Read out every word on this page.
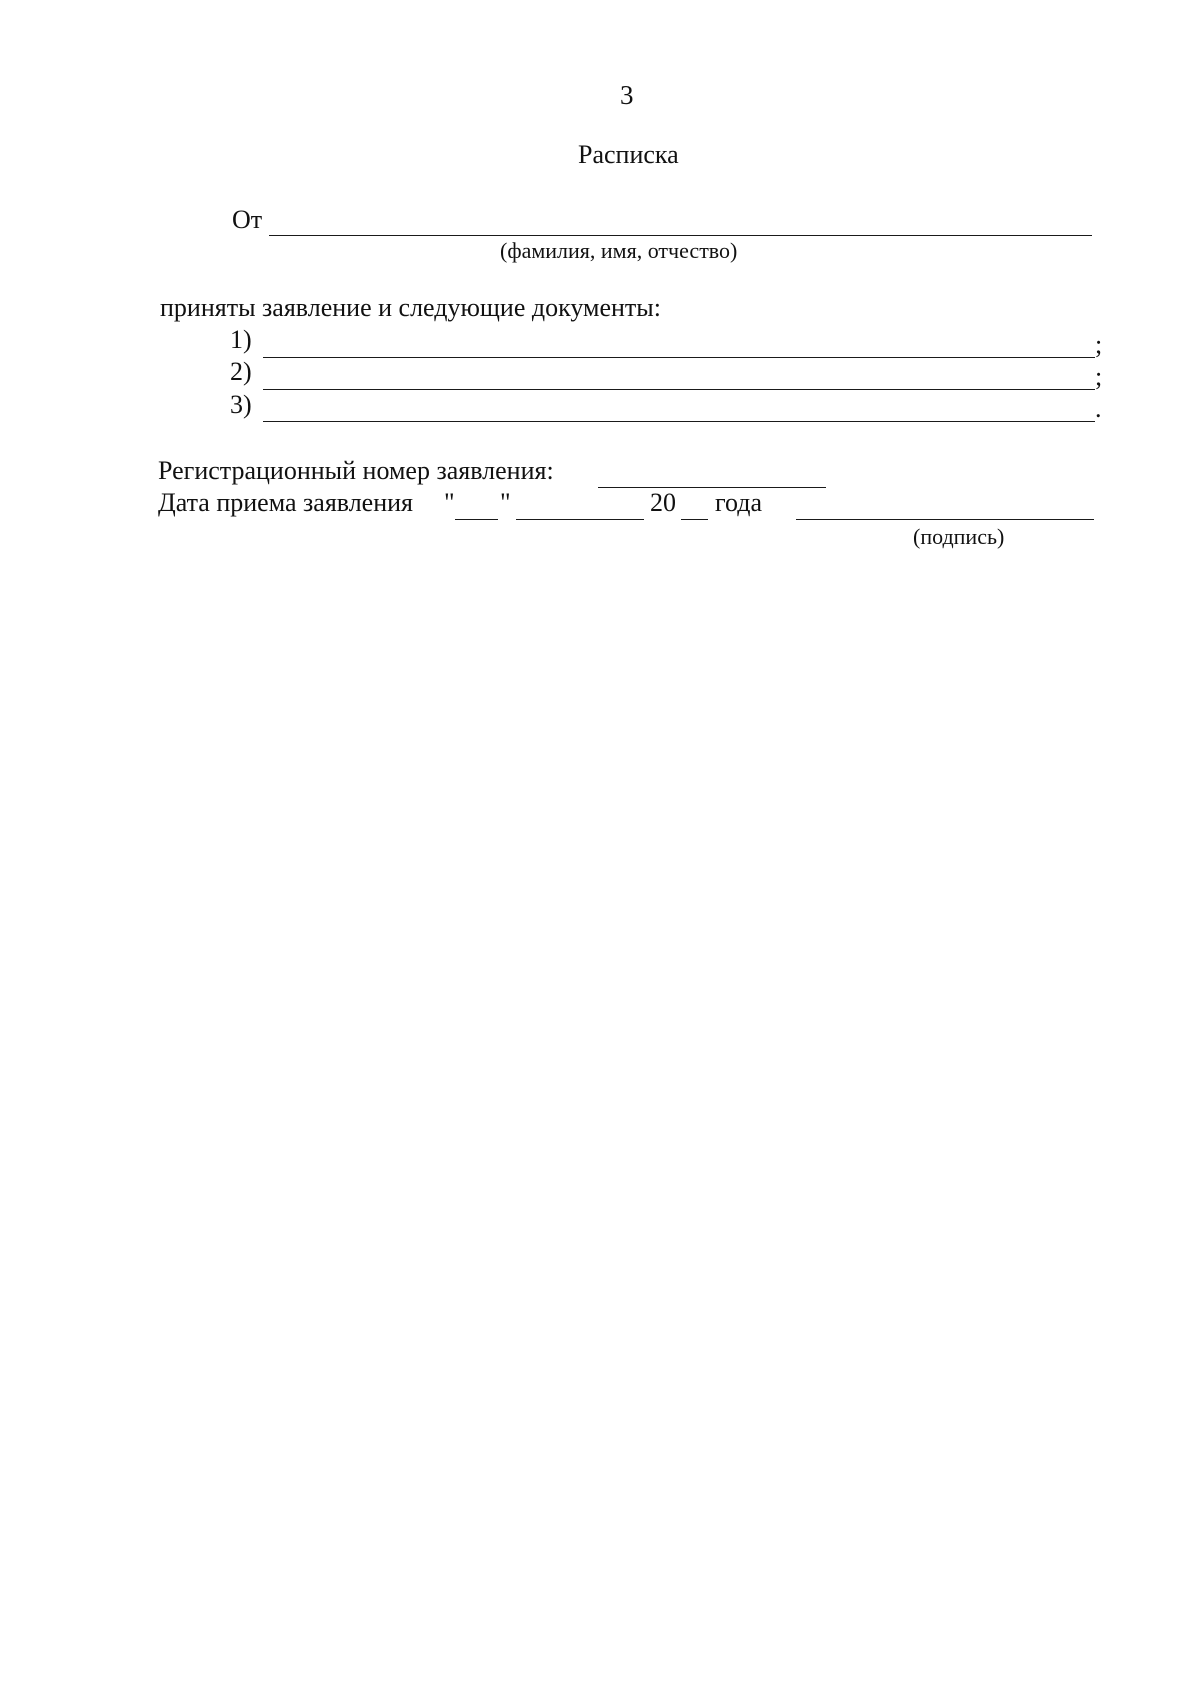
3
Расписка
От
(фамилия, имя, отчество)
приняты заявление и следующие документы:
1)	;
2)	;
3)	.
Регистрационный номер заявления:
Дата приема заявления " "	20 года
(подпись)
